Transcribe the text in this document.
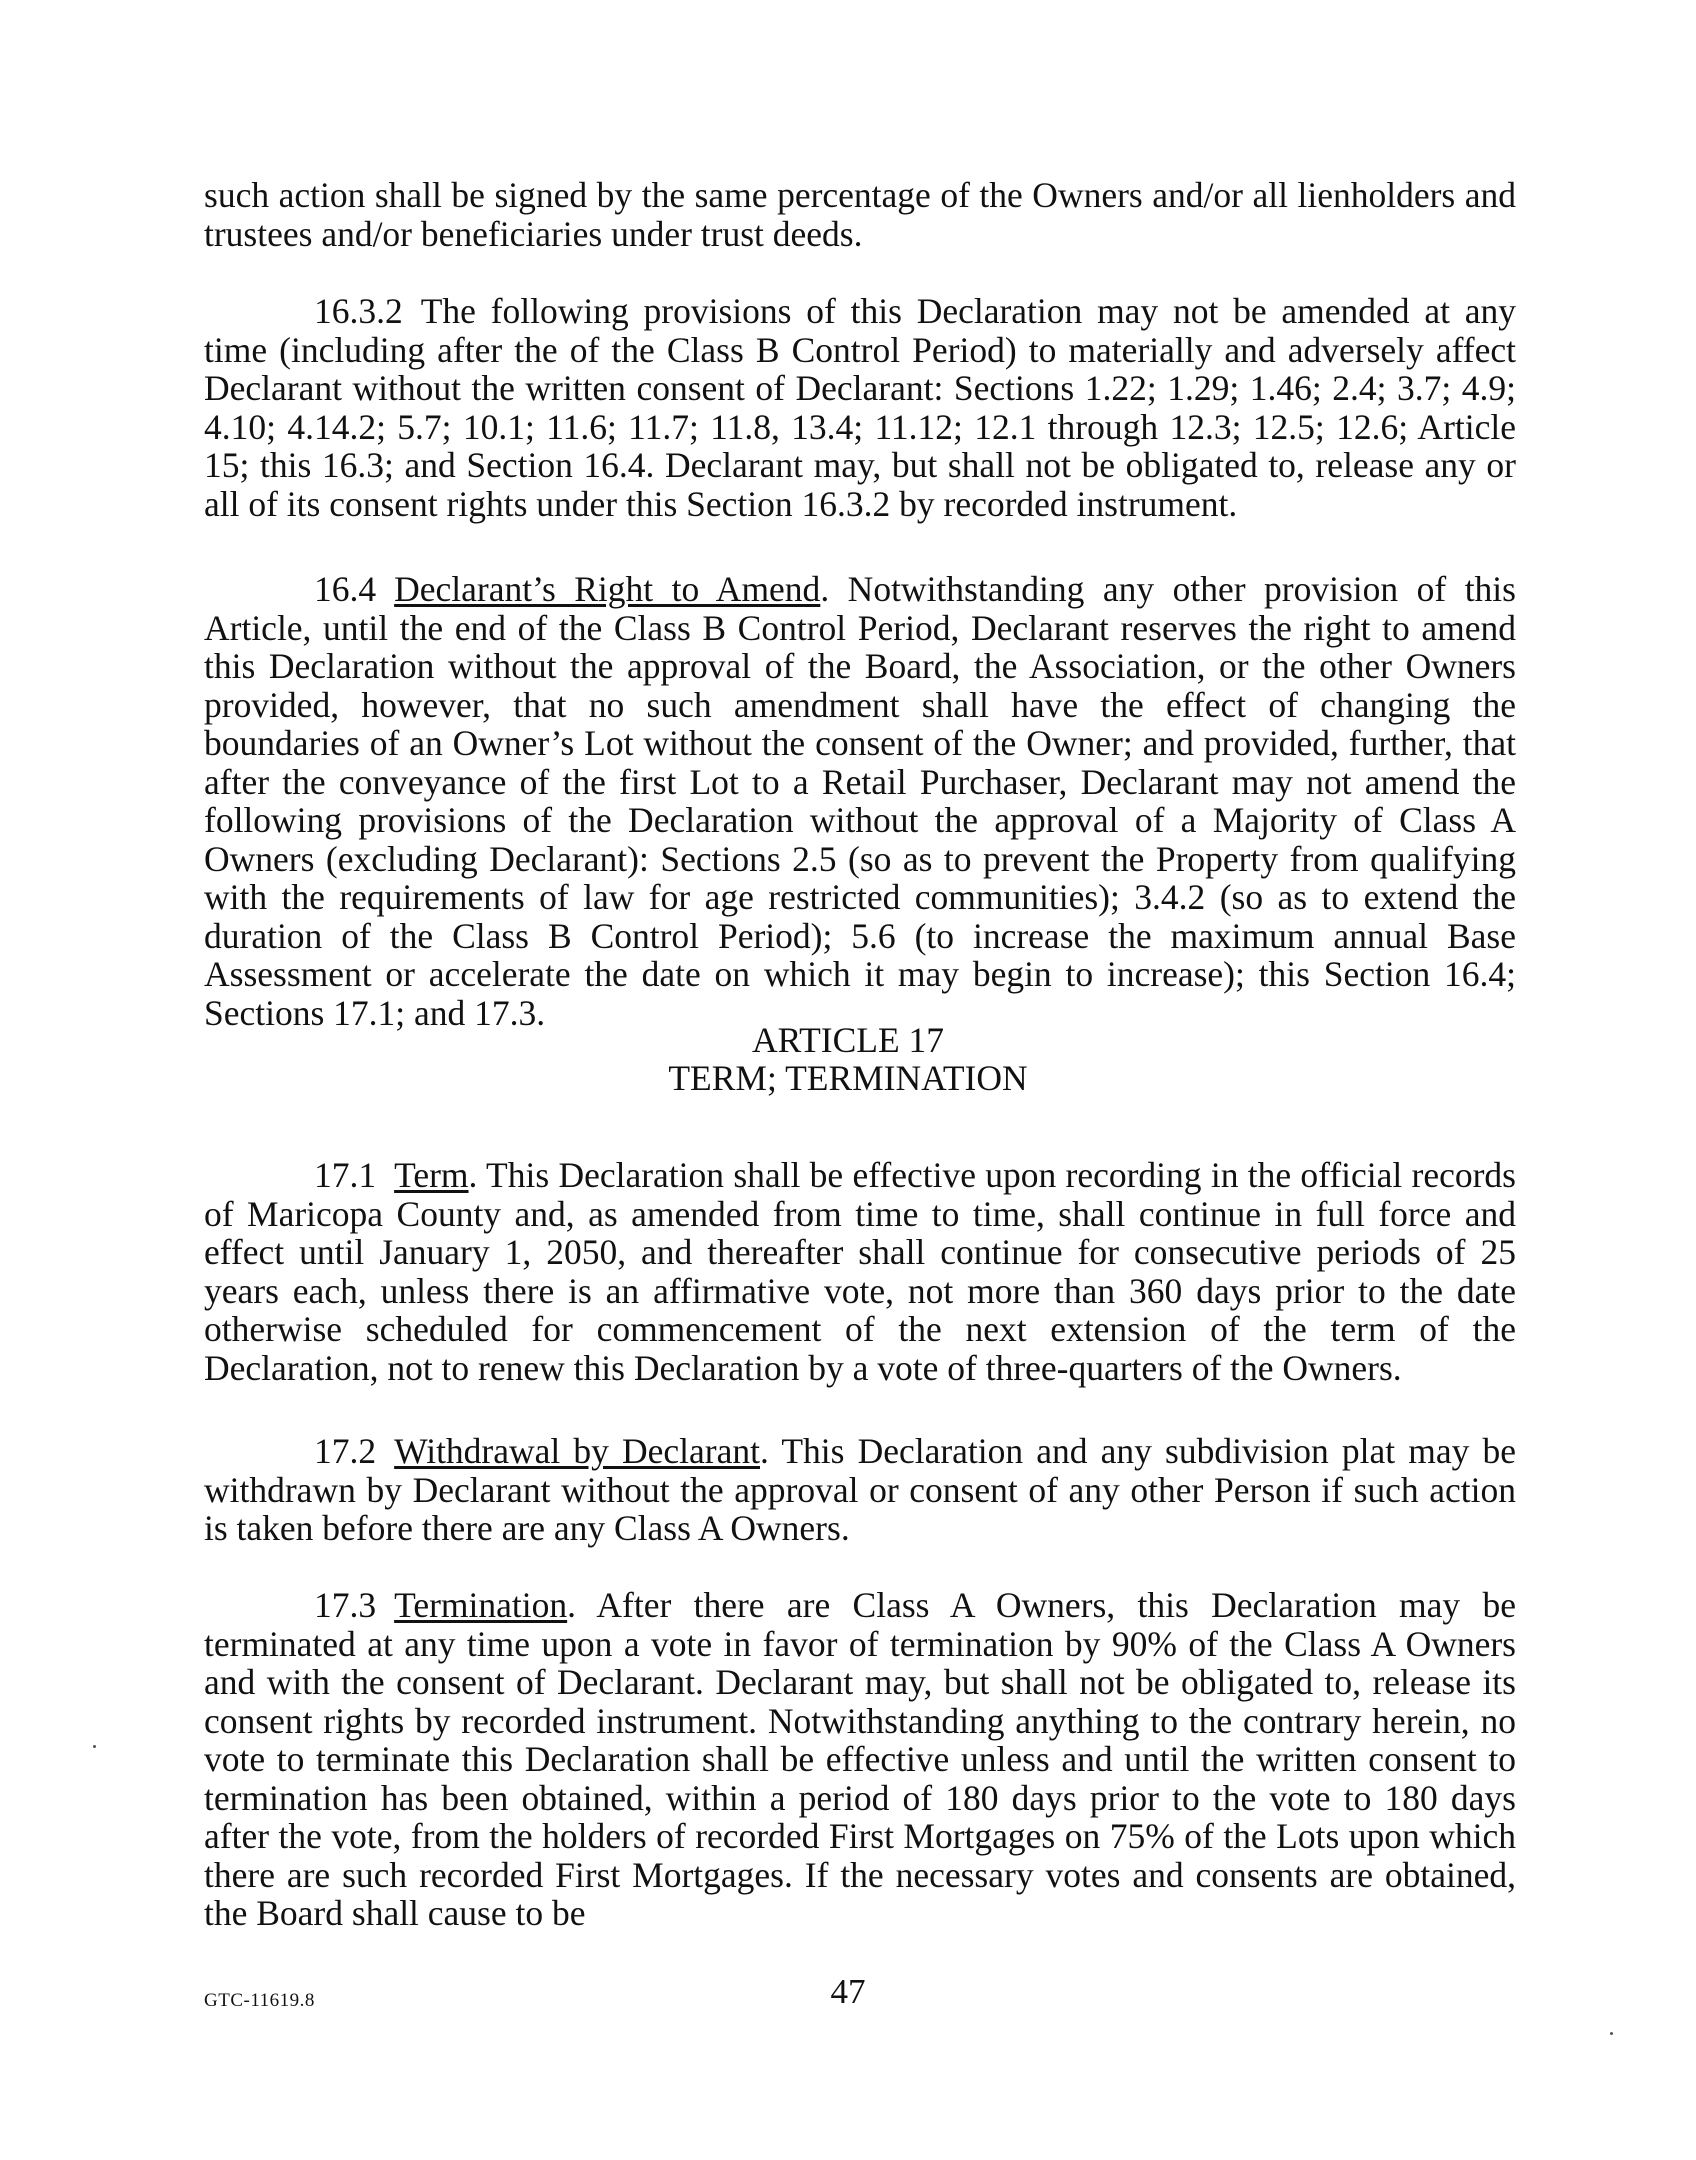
such action shall be signed by the same percentage of the Owners and/or all lienholders and trustees and/or beneficiaries under trust deeds.
16.3.2 The following provisions of this Declaration may not be amended at any time (including after the of the Class B Control Period) to materially and adversely affect Declarant without the written consent of Declarant: Sections 1.22; 1.29; 1.46; 2.4; 3.7; 4.9; 4.10; 4.14.2; 5.7; 10.1; 11.6; 11.7; 11.8, 13.4; 11.12; 12.1 through 12.3; 12.5; 12.6; Article 15; this 16.3; and Section 16.4. Declarant may, but shall not be obligated to, release any or all of its consent rights under this Section 16.3.2 by recorded instrument.
16.4 Declarant’s Right to Amend. Notwithstanding any other provision of this Article, until the end of the Class B Control Period, Declarant reserves the right to amend this Declaration without the approval of the Board, the Association, or the other Owners provided, however, that no such amendment shall have the effect of changing the boundaries of an Owner’s Lot without the consent of the Owner; and provided, further, that after the conveyance of the first Lot to a Retail Purchaser, Declarant may not amend the following provisions of the Declaration without the approval of a Majority of Class A Owners (excluding Declarant): Sections 2.5 (so as to prevent the Property from qualifying with the requirements of law for age restricted communities); 3.4.2 (so as to extend the duration of the Class B Control Period); 5.6 (to increase the maximum annual Base Assessment or accelerate the date on which it may begin to increase); this Section 16.4; Sections 17.1; and 17.3.
ARTICLE 17
TERM; TERMINATION
17.1 Term. This Declaration shall be effective upon recording in the official records of Maricopa County and, as amended from time to time, shall continue in full force and effect until January 1, 2050, and thereafter shall continue for consecutive periods of 25 years each, unless there is an affirmative vote, not more than 360 days prior to the date otherwise scheduled for commencement of the next extension of the term of the Declaration, not to renew this Declaration by a vote of three-quarters of the Owners.
17.2 Withdrawal by Declarant. This Declaration and any subdivision plat may be withdrawn by Declarant without the approval or consent of any other Person if such action is taken before there are any Class A Owners.
17.3 Termination. After there are Class A Owners, this Declaration may be terminated at any time upon a vote in favor of termination by 90% of the Class A Owners and with the consent of Declarant. Declarant may, but shall not be obligated to, release its consent rights by recorded instrument. Notwithstanding anything to the contrary herein, no vote to terminate this Declaration shall be effective unless and until the written consent to termination has been obtained, within a period of 180 days prior to the vote to 180 days after the vote, from the holders of recorded First Mortgages on 75% of the Lots upon which there are such recorded First Mortgages. If the necessary votes and consents are obtained, the Board shall cause to be
GTC-11619.8	47
